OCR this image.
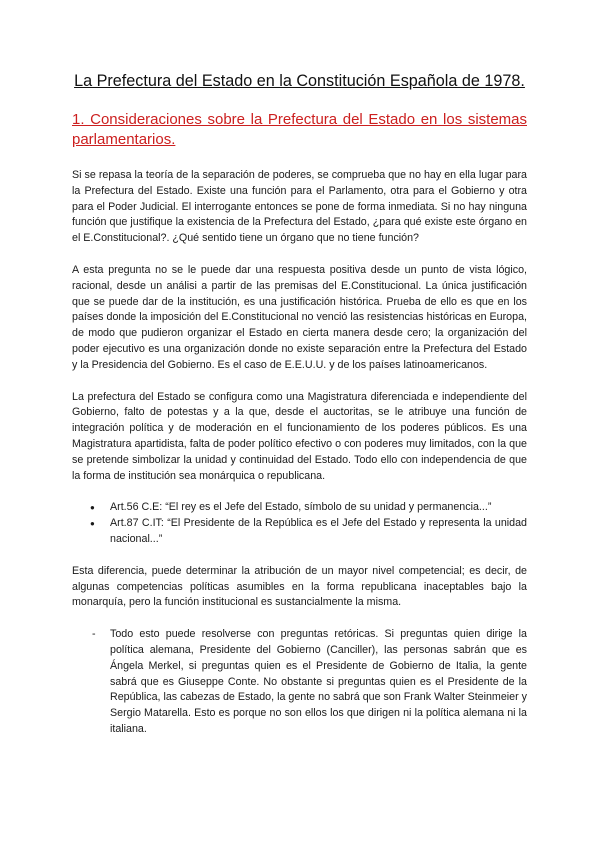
La Prefectura del Estado en la Constitución Española de 1978.
1. Consideraciones sobre la Prefectura del Estado en los sistemas parlamentarios.

Si se repasa la teoría de la separación de poderes, se comprueba que no hay en ella lugar para la Prefectura del Estado. Existe una función para el Parlamento, otra para el Gobierno y otra para el Poder Judicial. El interrogante entonces se pone de forma inmediata. Si no hay ninguna función que justifique la existencia de la Prefectura del Estado, ¿para qué existe este órgano en el E.Constitucional?. ¿Qué sentido tiene un órgano que no tiene función?

A esta pregunta no se le puede dar una respuesta positiva desde un punto de vista lógico, racional, desde un análisi a partir de las premisas del E.Constitucional. La única justificación que se puede dar de la institución, es una justificación histórica. Prueba de ello es que en los países donde la imposición del E.Constitucional no venció las resistencias históricas en Europa, de modo que pudieron organizar el Estado en cierta manera desde cero; la organización del poder ejecutivo es una organización donde no existe separación entre la Prefectura del Estado y la Presidencia del Gobierno. Es el caso de E.E.U.U. y de los países latinoamericanos.

La prefectura del Estado se configura como una Magistratura diferenciada e independiente del Gobierno, falto de potestas y a la que, desde el auctoritas, se le atribuye una función de integración política y de moderación en el funcionamiento de los poderes públicos. Es una Magistratura apartidista, falta de poder político efectivo o con poderes muy limitados, con la que se pretende simbolizar la unidad y continuidad del Estado. Todo ello con independencia de que la forma de institución sea monárquica o republicana.

● Art.56 C.E: “El rey es el Jefe del Estado, símbolo de su unidad y permanencia...”
● Art.87 C.IT: “El Presidente de la República es el Jefe del Estado y representa la unidad nacional...”

Esta diferencia, puede determinar la atribución de un mayor nivel competencial; es decir, de algunas competencias políticas asumibles en la forma republicana inaceptables bajo la monarquía, pero la función institucional es sustancialmente la misma.

- Todo esto puede resolverse con preguntas retóricas. Si preguntas quien dirige la política alemana, Presidente del Gobierno (Canciller), las personas sabrán que es Ángela Merkel, si preguntas quien es el Presidente de Gobierno de Italia, la gente sabrá que es Giuseppe Conte. No obstante si preguntas quien es el Presidente de la República, las cabezas de Estado, la gente no sabrá que son Frank Walter Steinmeier y Sergio Matarella. Esto es porque no son ellos los que dirigen ni la política alemana ni la italiana.
